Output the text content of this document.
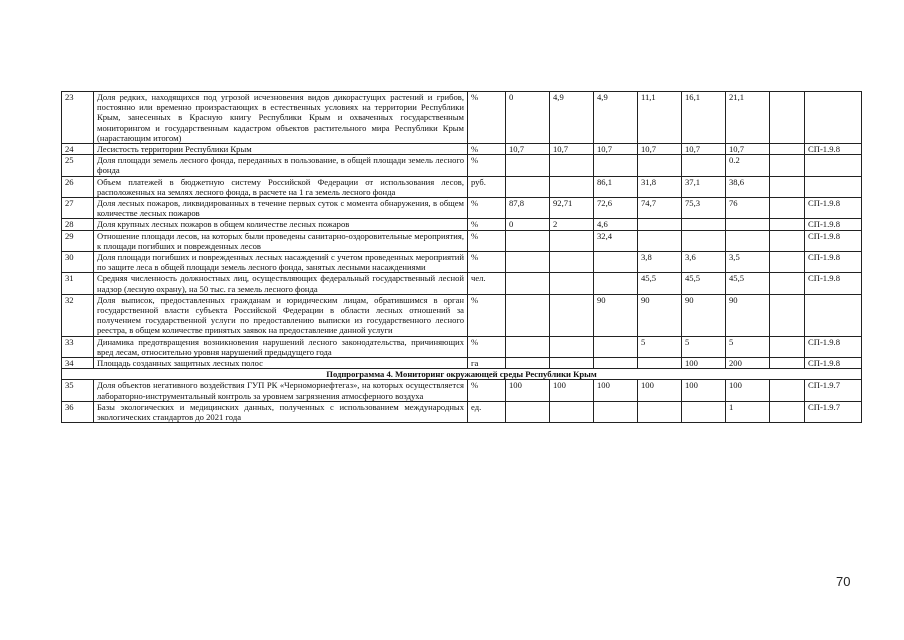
23	Доля редких, находящихся под угрозой исчезновения видов дикорастущих растений и грибов, постоянно или временно произрастающих в естественных условиях на территории Республики Крым, занесенных в Красную книгу Республики Крым и охваченных государственным мониторингом и государственным кадастром объектов растительного мира Республики Крым (нарастающим итогом)	%	0	4,9	4,9	11,1	16,1	21,1		
24	Лесистость территории Республики Крым	%	10,7	10,7	10,7	10,7	10,7	10,7		СП-1.9.8
25	Доля площади земель лесного фонда, переданных в пользование, в общей площади земель лесного фонда	%						0.2		
26	Объем платежей в бюджетную систему Российской Федерации от использования лесов, расположенных на землях лесного фонда, в расчете на 1 га земель лесного фонда	руб.			86,1	31,8	37,1	38,6		
27	Доля лесных пожаров, ликвидированных в течение первых суток с момента обнаружения, в общем количестве лесных пожаров	%	87,8	92,71	72,6	74,7	75,3	76		СП-1.9.8
28	Доля крупных лесных пожаров в общем количестве лесных пожаров	%	0	2	4,6					СП-1.9.8
29	Отношение площади лесов, на которых были проведены санитарно-оздоровительные мероприятия, к площади погибших и поврежденных лесов	%			32,4					СП-1.9.8
30	Доля площади погибших и поврежденных лесных насаждений с учетом проведенных мероприятий по защите леса в общей площади земель лесного фонда, занятых лесными насаждениями	%				3,8	3,6	3,5		СП-1.9.8
31	Средняя численность должностных лиц, осуществляющих федеральный государственный лесной надзор (лесную охрану), на 50 тыс. га земель лесного фонда	чел.				45,5	45,5	45,5		СП-1.9.8
32	Доля выписок, предоставленных гражданам и юридическим лицам, обратившимся в орган государственной власти субъекта Российской Федерации в области лесных отношений за получением государственной услуги по предоставлению выписки из государственного лесного реестра, в общем количестве принятых заявок на предоставление данной услуги	%			90	90	90	90		
33	Динамика предотвращения возникновения нарушений лесного законодательства, причиняющих вред лесам, относительно уровня нарушений предыдущего года	%				5	5	5		СП-1.9.8
34	Площадь созданных защитных лесных полос	га					100	200		СП-1.9.8
Подпрограмма 4. Мониторинг окружающей среды Республики Крым										
35	Доля объектов негативного воздействия ГУП РК «Черноморнефтегаз», на которых осуществляется лабораторно-инструментальный контроль за уровнем загрязнения атмосферного воздуха	%	100	100	100	100	100	100		СП-1.9.7
36	Базы экологических и медицинских данных, полученных с использованием международных экологических стандартов до 2021 года	ед.						1		СП-1.9.7
70
